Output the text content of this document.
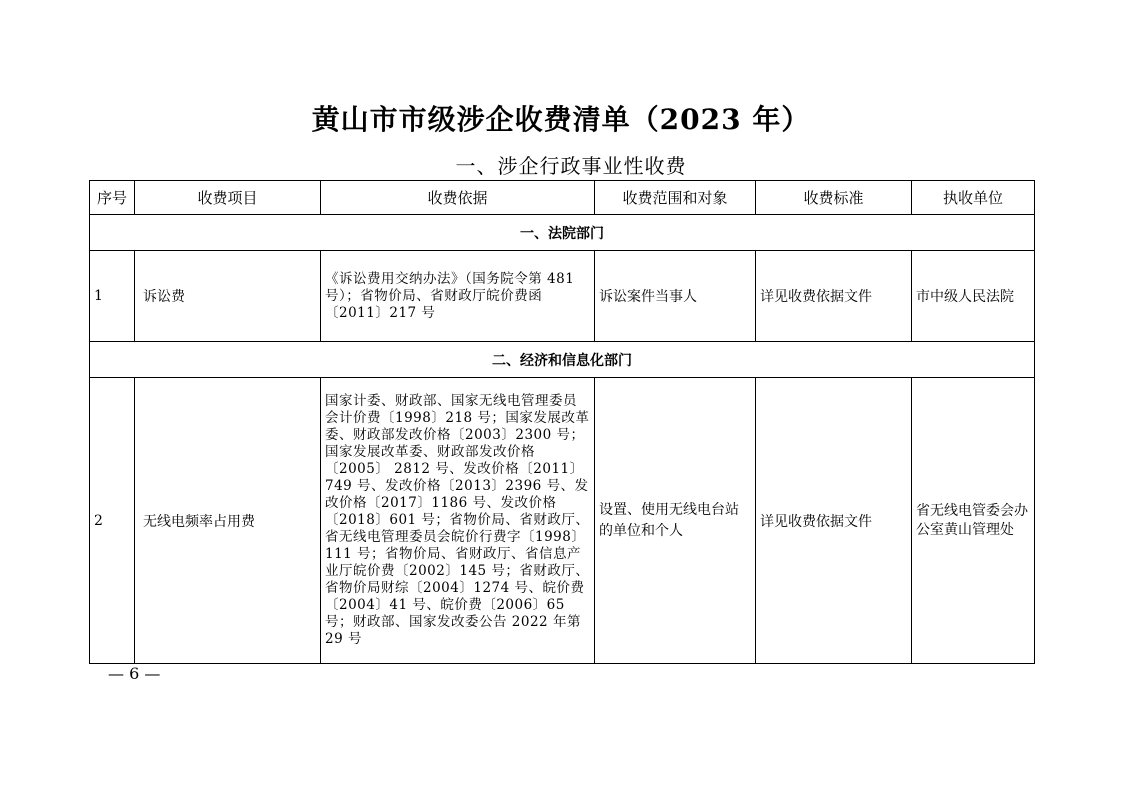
黄山市市级涉企收费清单（2023 年）
一、涉企行政事业性收费
序号	收费项目	收费依据	收费范围和对象	收费标准	执收单位
一、法院部门					
1	诉讼费	《诉讼费用交纳办法》（国务院令第 481 号）；省物价局、省财政厅皖价费函〔2011〕217 号	诉讼案件当事人	详见收费依据文件	市中级人民法院
二、经济和信息化部门					
2	无线电频率占用费	国家计委、财政部、国家无线电管理委员会计价费〔1998〕218 号；国家发展改革委、财政部发改价格〔2003〕2300 号；国家发展改革委、财政部发改价格〔2005〕 2812 号、发改价格〔2011〕749 号、发改价格〔2013〕2396 号、发改价格〔2017〕1186 号、发改价格〔2018〕601 号；省物价局、省财政厅、省无线电管理委员会皖价行费字〔1998〕111 号；省物价局、省财政厅、省信息产业厅皖价费〔2002〕145 号；省财政厅、省物价局财综〔2004〕1274 号、皖价费〔2004〕41 号、皖价费〔2006〕65 号；财政部、国家发改委公告 2022 年第 29 号	设置、使用无线电台站的单位和个人	详见收费依据文件	省无线电管委会办公室黄山管理处
— 6 —
